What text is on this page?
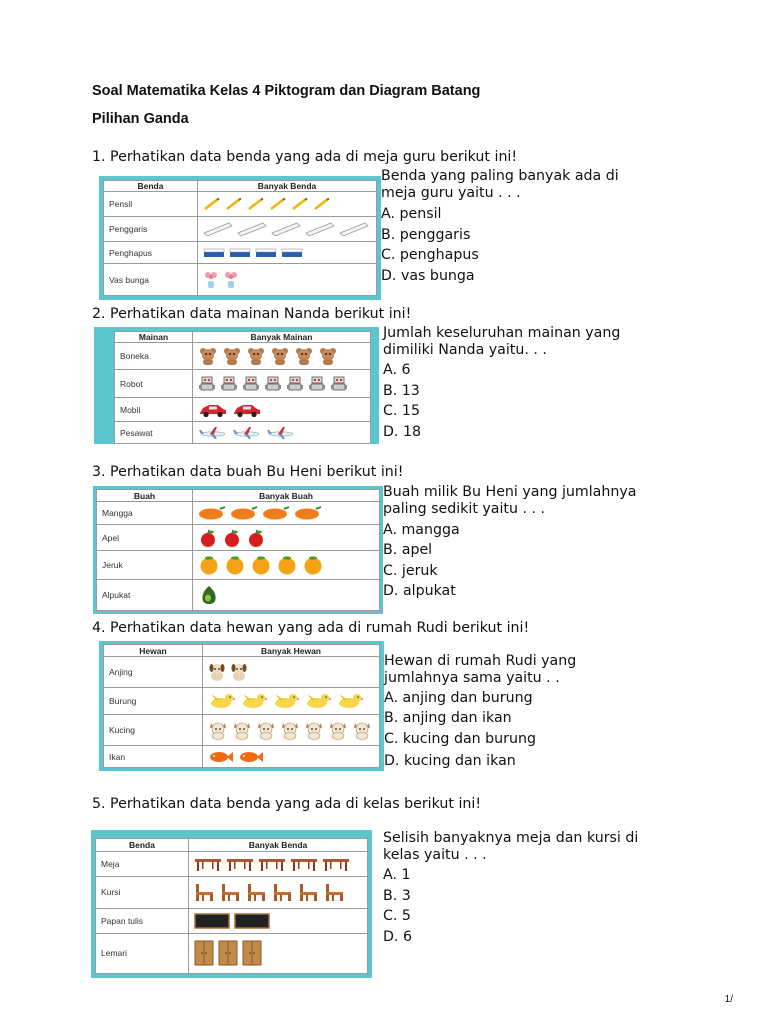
Soal Matematika Kelas 4 Piktogram dan Diagram Batang
Pilihan Ganda
1. Perhatikan data benda yang ada di meja guru berikut ini!
Benda	Banyak Benda
Pensil	

Penggaris	

Penghapus	

Vas bunga	
Benda yang paling banyak ada di
meja guru yaitu . . .
A. pensil
B. penggaris
C. penghapus
D. vas bunga
2. Perhatikan data mainan Nanda berikut ini!
Mainan	Banyak Mainan
Boneka	

Robot	

Mobil	

Pesawat	
Jumlah keseluruhan mainan yang
dimiliki Nanda yaitu. . .
A. 6
B. 13
C. 15
D. 18
3. Perhatikan data buah Bu Heni berikut ini!
Buah	Banyak Buah
Mangga	

Apel	

Jeruk	

Alpukat	
Buah milik Bu Heni yang jumlahnya
paling sedikit yaitu . . .
A. mangga
B. apel
C. jeruk
4. Perhatikan data hewan yang ada di rumah Rudi berikut ini!
Hewan	Banyak Hewan
Anjing	

Burung	

Kucing	

Ikan	
Hewan di rumah Rudi yang
jumlahnya sama yaitu . .
A. anjing dan burung
B. anjing dan ikan
C. kucing dan burung
D. kucing dan ikan
5. Perhatikan data benda yang ada di kelas berikut ini!
Benda	Banyak Benda
Meja	

Kursi	

Papan tulis	

Lemari	
Selisih banyaknya meja dan kursi di
kelas yaitu . . .
A. 1
B. 3
C. 5
D. 6
1/
D. alpukat
